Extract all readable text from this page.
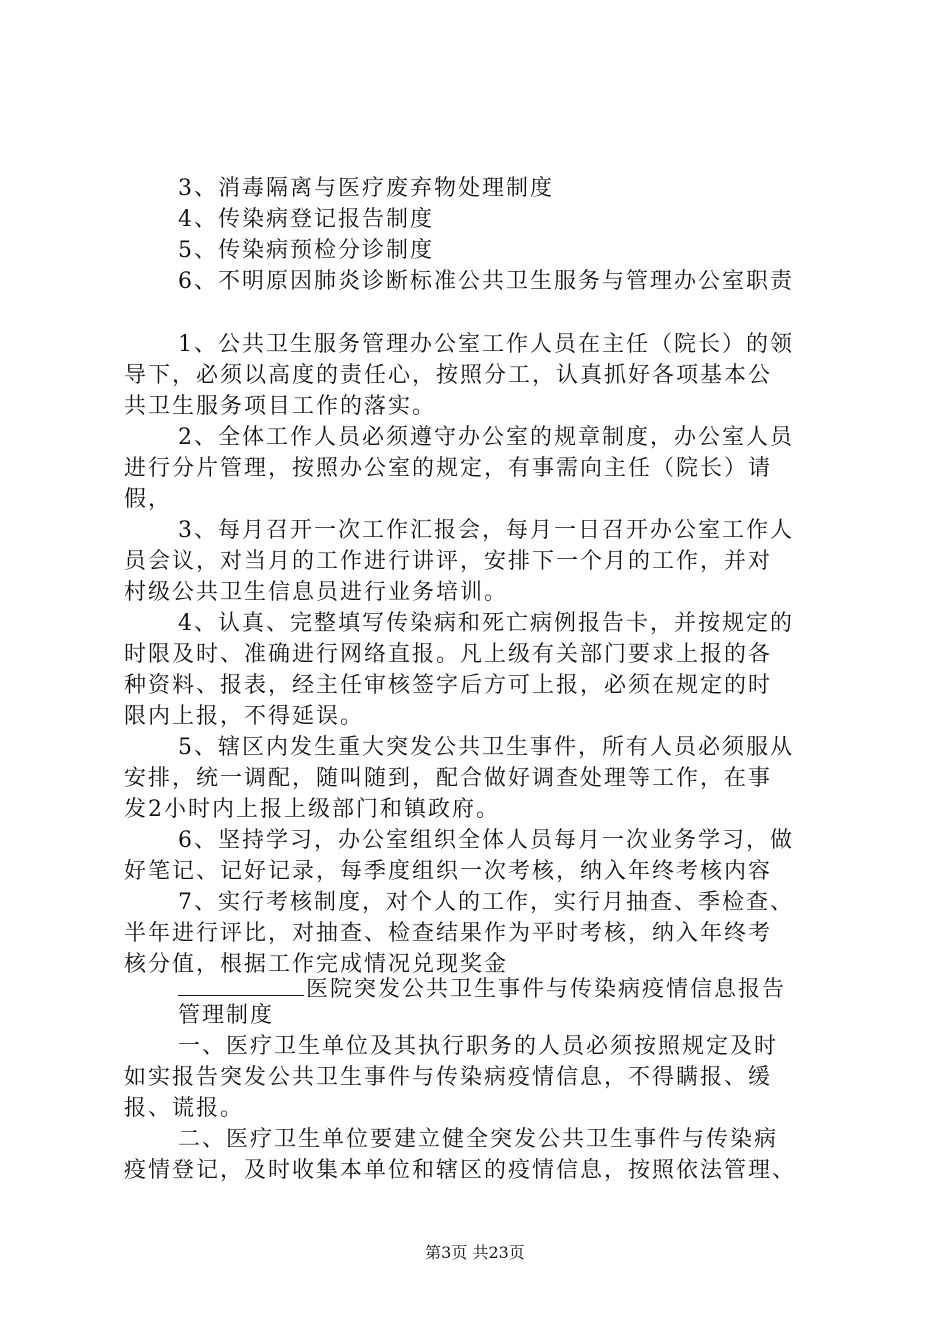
3、消毒隔离与医疗废弃物处理制度
4、传染病登记报告制度
5、传染病预检分诊制度
6、不明原因肺炎诊断标准公共卫生服务与管理办公室职责
1、公共卫生服务管理办公室工作人员在主任（院长）的领
导下，必须以高度的责任心，按照分工，认真抓好各项基本公
共卫生服务项目工作的落实。
2、全体工作人员必须遵守办公室的规章制度，办公室人员
进行分片管理，按照办公室的规定，有事需向主任（院长）请
假，
3、每月召开一次工作汇报会，每月一日召开办公室工作人
员会议，对当月的工作进行讲评，安排下一个月的工作，并对
村级公共卫生信息员进行业务培训。
4、认真、完整填写传染病和死亡病例报告卡，并按规定的
时限及时、准确进行网络直报。凡上级有关部门要求上报的各
种资料、报表，经主任审核签字后方可上报，必须在规定的时
限内上报，不得延误。
5、辖区内发生重大突发公共卫生事件，所有人员必须服从
安排，统一调配，随叫随到，配合做好调查处理等工作，在事
发2小时内上报上级部门和镇政府。
6、坚持学习，办公室组织全体人员每月一次业务学习，做
好笔记、记好记录，每季度组织一次考核，纳入年终考核内容
7、实行考核制度，对个人的工作，实行月抽查、季检查、
半年进行评比，对抽查、检查结果作为平时考核，纳入年终考
核分值，根据工作完成情况兑现奖金
医院突发公共卫生事件与传染病疫情信息报告
管理制度
一、医疗卫生单位及其执行职务的人员必须按照规定及时
如实报告突发公共卫生事件与传染病疫情信息，不得瞒报、缓
报、谎报。
二、医疗卫生单位要建立健全突发公共卫生事件与传染病
疫情登记，及时收集本单位和辖区的疫情信息，按照依法管理、
第3页 共23页
